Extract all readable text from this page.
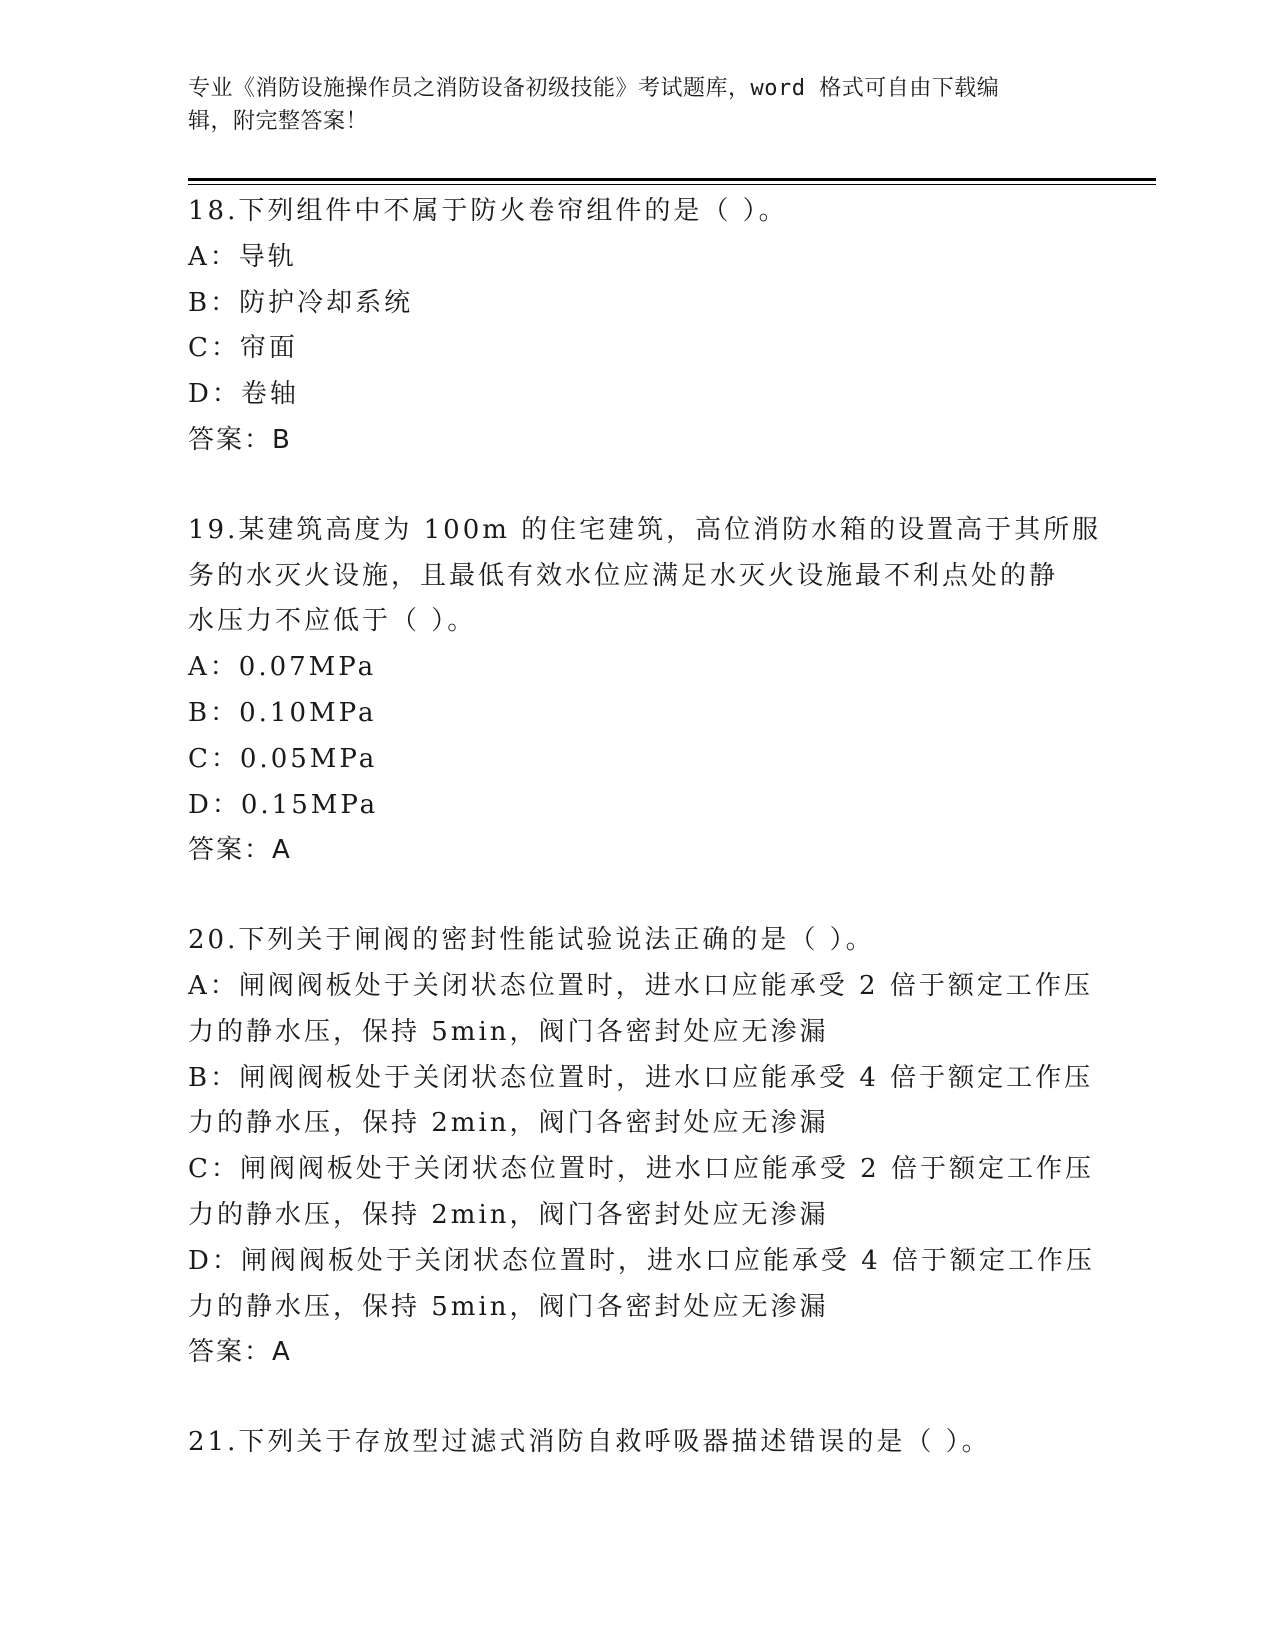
专业《消防设施操作员之消防设备初级技能》考试题库，word 格式可自由下载编
辑，附完整答案！
18.下列组件中不属于防火卷帘组件的是（ ）。
A：导轨
B：防护冷却系统
C：帘面
D：卷轴
答案：B
19.某建筑高度为 100m 的住宅建筑，高位消防水箱的设置高于其所服
务的水灭火设施，且最低有效水位应满足水灭火设施最不利点处的静
水压力不应低于（ ）。
A：0.07MPa
B：0.10MPa
C：0.05MPa
D：0.15MPa
答案：A
20.下列关于闸阀的密封性能试验说法正确的是（ ）。
A：闸阀阀板处于关闭状态位置时，进水口应能承受 2 倍于额定工作压
力的静水压，保持 5min，阀门各密封处应无渗漏
B：闸阀阀板处于关闭状态位置时，进水口应能承受 4 倍于额定工作压
力的静水压，保持 2min，阀门各密封处应无渗漏
C：闸阀阀板处于关闭状态位置时，进水口应能承受 2 倍于额定工作压
力的静水压，保持 2min，阀门各密封处应无渗漏
D：闸阀阀板处于关闭状态位置时，进水口应能承受 4 倍于额定工作压
力的静水压，保持 5min，阀门各密封处应无渗漏
答案：A
21.下列关于存放型过滤式消防自救呼吸器描述错误的是（ ）。
